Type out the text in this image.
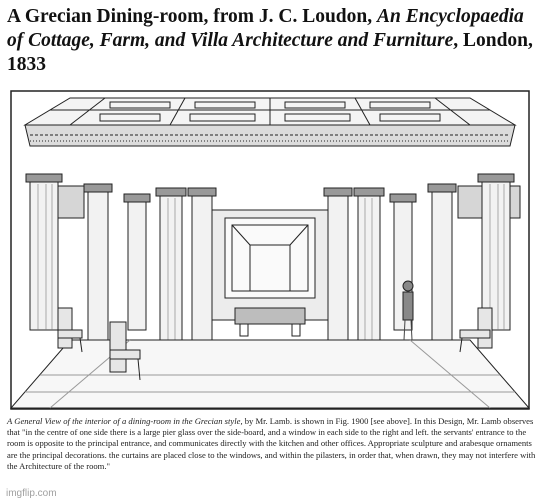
A Grecian Dining-room, from J. C. Loudon, An Encyclopaedia of Cottage, Farm, and Villa Architecture and Furniture, London, 1833
A General View of the interior of a dining-room in the Grecian style, by Mr. Lamb. is shown in Fig. 1900 [see above]. In this Design, Mr. Lamb observes that "in the centre of one side there is a large pier glass over the side-board, and a window in each side to the right and left. the servants' entrance to the room is opposite to the principal entrance, and communicates directly with the kitchen and other offices. Appropriate sculpture and arabesque ornaments are the principal decorations. the curtains are placed close to the windows, and within the pilasters, in order that, when drawn, they may not interfere with the Architecture of the room."
imgflip.com
